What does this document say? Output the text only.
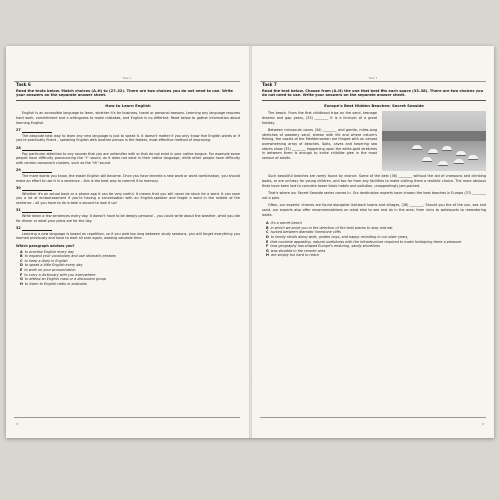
Test 1
Task 6
Read the texts below. Match choices (A–H) to (27–32). There are two choices you do not need to use. Write your answers on the separate answer sheet.
How to Learn English
English is an accessible language to learn, whether it's for business, travel or personal reasons. Learning any language requires hard work, commitment and a willingness to make mistakes, and English is no different. Read below to gather information about learning English.
27
The absolute best way to learn any new language is just to speak it. It doesn't matter if you only know five English words or if you're practically fluent – speaking English with another person is the fastest, most effective method of improving.
28
Pay particular attention to any sounds that you are unfamiliar with or that do not exist in your native tongue. For example some people have difficulty pronouncing the "r" sound, as it does not exist in their native language, while other people have difficulty with certain consonant clusters, such as the "th" sound.
29
The more words you know, the easier English will become. Once you have learned a new word or word combination, you should make an effort to use it in a sentence – this is the best way to commit it to memory.
30
Whether it's an actual book or a phone app it can be very useful. It means that you will never be stuck for a word. It can save you a lot of embarrassment if you're having a conversation with an English-speaker and forget a word in the middle of the sentence – all you have to do is take a second to look it up!
31
Write down a few sentences every day. It doesn't have to be deeply personal – you could write about the weather, what you ate for dinner or what your plans are for the day.
32
Learning a new language is based on repetition, so if you wait too long between study sessions, you will forget everything you learned previously and have to start all over again, wasting valuable time.
Which paragraph advises you?
A to practise English every day
B to expand your vocabulary and use idiomatic phrases
C to keep a diary in English
D to speak a little English every day
E to work on your pronunciation
F to carry a dictionary with you everywhere
G to attend an English class or a discussion group
H to listen to English radio or podcasts
8
Test 1
Task 7
Read the text below. Choose from (A–H) the one that best fits each space (33–38). There are two choices you do not need to use. Write your answers on the separate answer sheet.
Europe's Best Hidden Beaches: Secret Seaside
The beach. From the first childhood trips on the sand, teenage dreams and gap years, (33) ________ it is a linchpin of a great holiday.
Between minuscule coves (34) ________ and gentle, miles-long stretches of powdery sand, strewn with life and where nature's fishing, the coasts of the Mediterranean are fringed with an almost overwhelming array of beaches. Spits, caves and towering sea stacks show (35) ________ happening upon the white-gold stretches in between them is enough to incite childlike glee in the most serious of adults.
Such beautiful beaches are rarely found by chance. Some of the best (36) ________ without the aid of crampons and climbing boots, or are unfussy for young children, and too far from any facilities to make visiting them a realistic choice. The more obvious finds have been lost to concrete tower block hotels and pollution, unappealingly jam-packed.
That's where our Secret Seaside series comes in. Our destination experts have chosen the best beaches in Europe (37) ________ not a pain.
Often, our experts' choices are found alongside laid-back towns and villages, (38) ________. Should you tire of the sun, sea and sand, our experts also offer recommendations on what else to see and do in the area, from ruins to waterports to meandering walks.
A it's a secret beach
B in which we point you in the direction of the best places to stay and eat
C tucked between dramatic limestone cliffs
D to family strolls along wide, golden bays, and happy revisiting in our older years,
E that combine appealing, natural usefulness with the infrastructure required to make holidaying there a pleasure
F how geography has shaped Europe's enduring, sandy shorelines
G was situated in the remote area
H are simply too hard to reach
9
